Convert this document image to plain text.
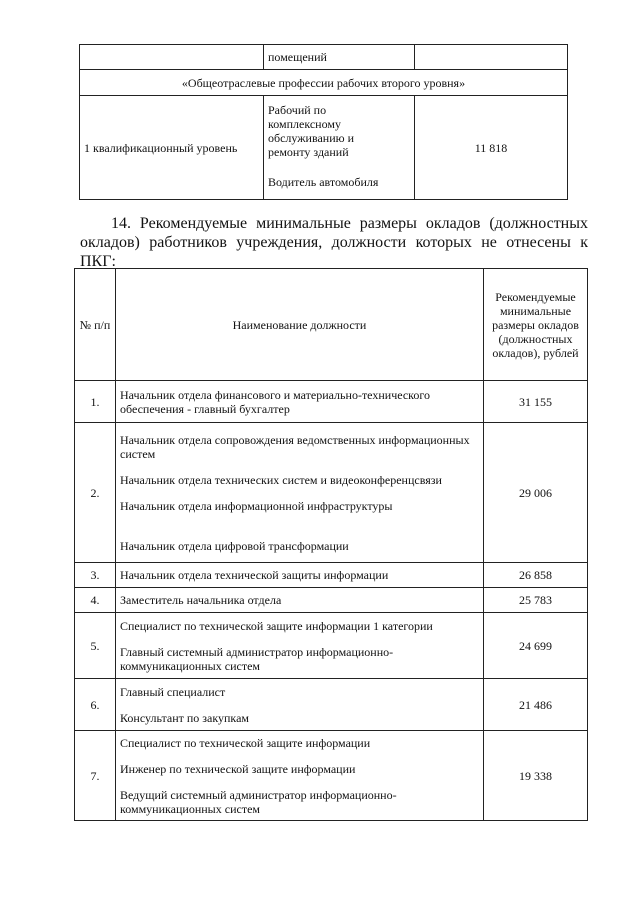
	помещений	
«Общеотраслевые профессии рабочих второго уровня»		
1 квалификационный уровень	Рабочий по
комплексному
обслуживанию и
ремонту зданий
Водитель автомобиля	11 818
14. Рекомендуемые минимальные размеры окладов (должностных
окладов) работников учреждения, должности которых не отнесены к ПКГ:
№ п/п	Наименование должности	Рекомендуемые минимальные размеры окладов (должностных окладов), рублей
1.	Начальник отдела финансового и материально-технического обеспечения - главный бухгалтер	31 155
2.	Начальник отдела сопровождения ведомственных информационных систем
Начальник отдела технических систем и видеоконференцсвязи
Начальник отдела информационной инфраструктуры
Начальник отдела цифровой трансформации	29 006
3.	Начальник отдела технической защиты информации	26 858
4.	Заместитель начальника отдела	25 783
5.	Специалист по технической защите информации 1 категории
Главный системный администратор информационно-коммуникационных систем	24 699
6.	Главный специалист
Консультант по закупкам	21 486
7.	Специалист по технической защите информации
Инженер по технической защите информации
Ведущий системный администратор информационно-коммуникационных систем	19 338
